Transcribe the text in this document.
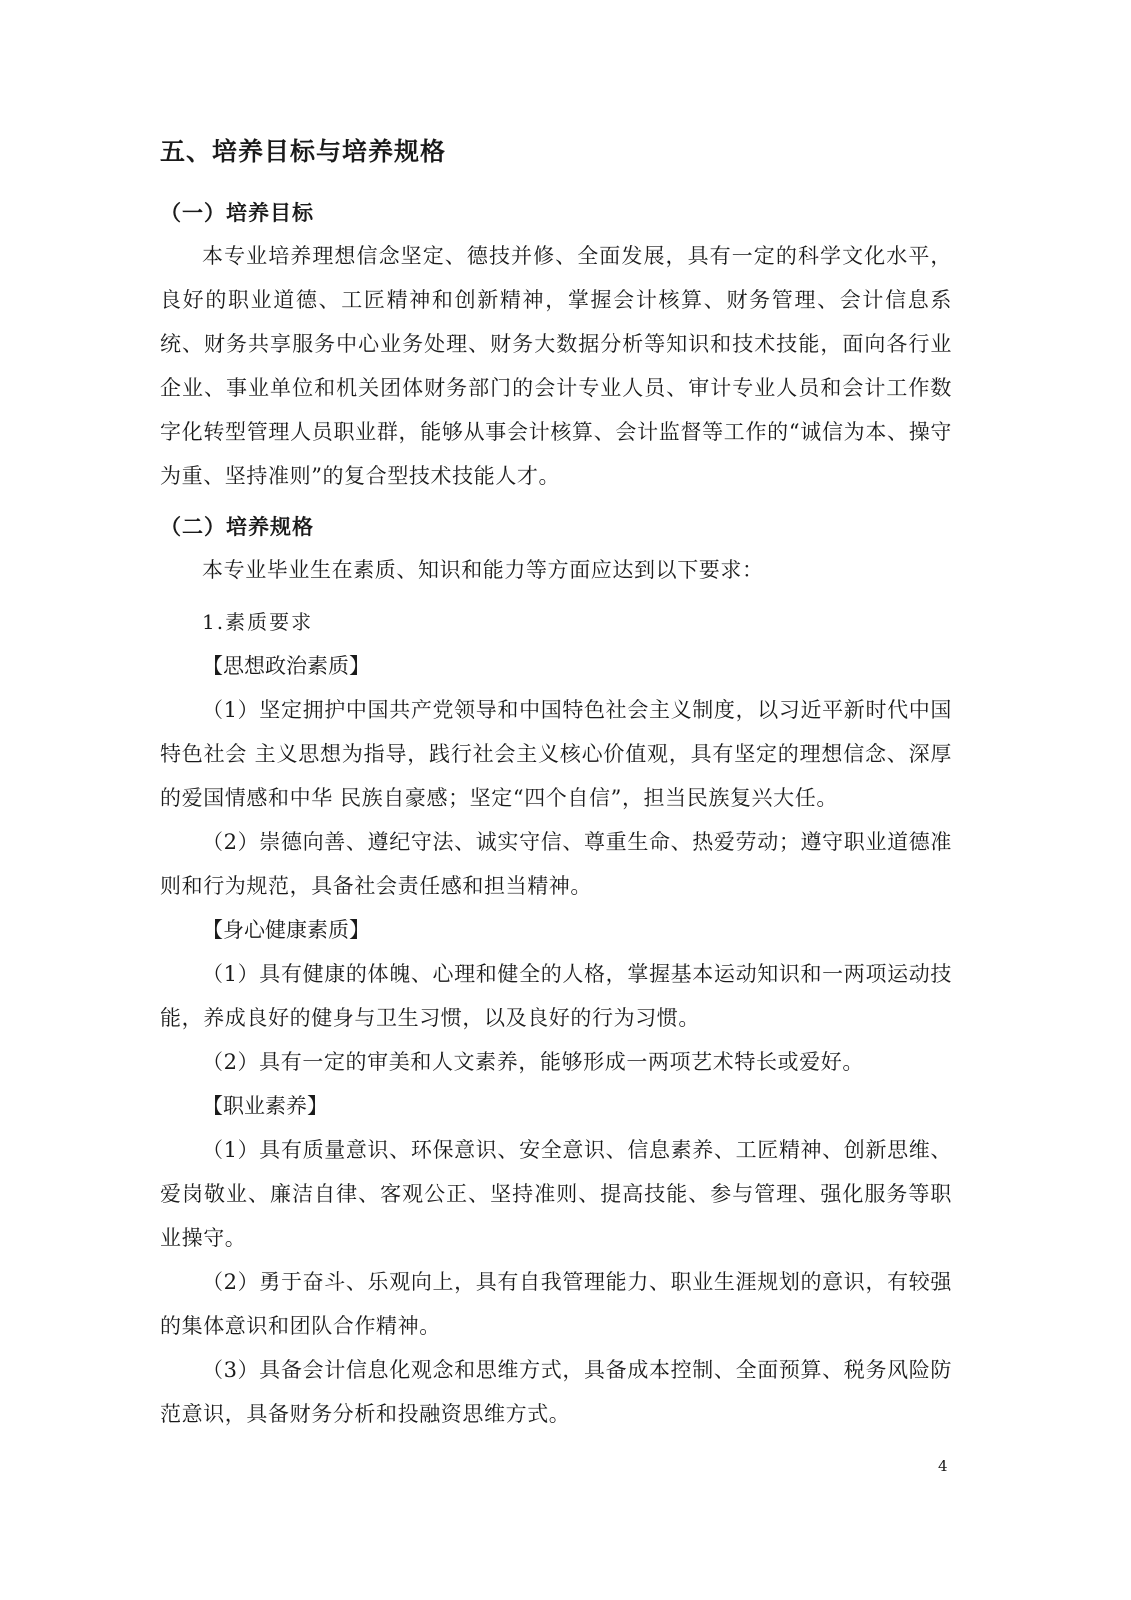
五、培养目标与培养规格
（一）培养目标

本专业培养理想信念坚定、德技并修、全面发展，具有一定的科学文化水平，良好的职业道德、工匠精神和创新精神，掌握会计核算、财务管理、会计信息系统、财务共享服务中心业务处理、财务大数据分析等知识和技术技能，面向各行业企业、事业单位和机关团体财务部门的会计专业人员、审计专业人员和会计工作数字化转型管理人员职业群，能够从事会计核算、会计监督等工作的“诚信为本、操守为重、坚持准则”的复合型技术技能人才。

（二）培养规格

本专业毕业生在素质、知识和能力等方面应达到以下要求：

1.素质要求

【思想政治素质】

（1）坚定拥护中国共产党领导和中国特色社会主义制度，以习近平新时代中国特色社会 主义思想为指导，践行社会主义核心价值观，具有坚定的理想信念、深厚的爱国情感和中华 民族自豪感；坚定“四个自信”，担当民族复兴大任。

（2）崇德向善、遵纪守法、诚实守信、尊重生命、热爱劳动；遵守职业道德准则和行为规范，具备社会责任感和担当精神。

【身心健康素质】

（1）具有健康的体魄、心理和健全的人格，掌握基本运动知识和一两项运动技能，养成良好的健身与卫生习惯，以及良好的行为习惯。

（2）具有一定的审美和人文素养，能够形成一两项艺术特长或爱好。

【职业素养】

（1）具有质量意识、环保意识、安全意识、信息素养、工匠精神、创新思维、爱岗敬业、廉洁自律、客观公正、坚持准则、提高技能、参与管理、强化服务等职业操守。

（2）勇于奋斗、乐观向上，具有自我管理能力、职业生涯规划的意识，有较强的集体意识和团队合作精神。

（3）具备会计信息化观念和思维方式，具备成本控制、全面预算、税务风险防范意识，具备财务分析和投融资思维方式。

4
